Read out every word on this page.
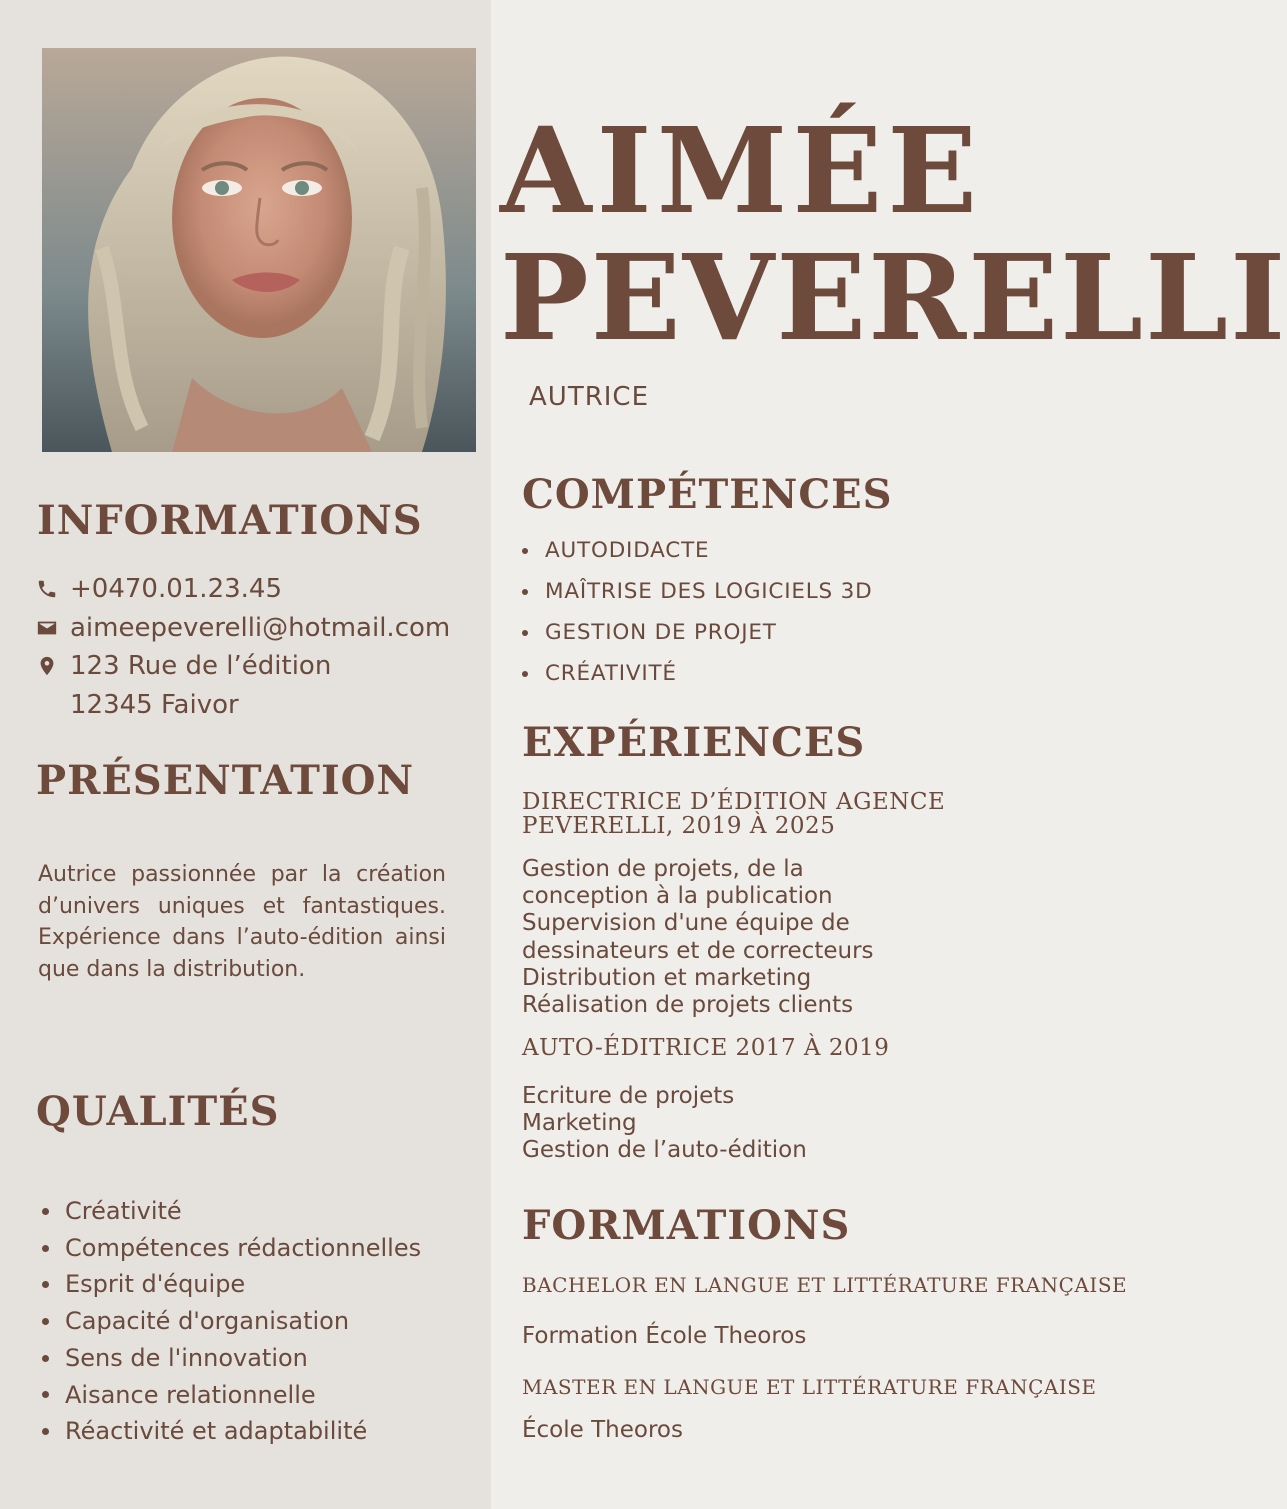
AIMÉE
PEVERELLI
AUTRICE
INFORMATIONS
+0470.01.23.45
aimeepeverelli@hotmail.com
123 Rue de l’édition
12345 Faivor
PRÉSENTATION
Autrice passionnée par la création d’univers uniques et fantastiques. Expérience dans l’auto-édition ainsi que dans la distribution.
QUALITÉS
Créativité
Compétences rédactionnelles
Esprit d'équipe
Capacité d'organisation
Sens de l'innovation
Aisance relationnelle
Réactivité et adaptabilité
COMPÉTENCES
AUTODIDACTE
MAÎTRISE DES LOGICIELS 3D
GESTION DE PROJET
CRÉATIVITÉ
EXPÉRIENCES
DIRECTRICE D’ÉDITION AGENCE PEVERELLI, 2019 À 2025
Gestion de projets, de la
conception à la publication
Supervision d'une équipe de
dessinateurs et de correcteurs
Distribution et marketing
Réalisation de projets clients
AUTO-ÉDITRICE 2017 À 2019
Ecriture de projets
Marketing
Gestion de l’auto-édition
FORMATIONS
BACHELOR EN LANGUE ET LITTÉRATURE FRANÇAISE
Formation École Theoros
MASTER EN LANGUE ET LITTÉRATURE FRANÇAISE
École Theoros
